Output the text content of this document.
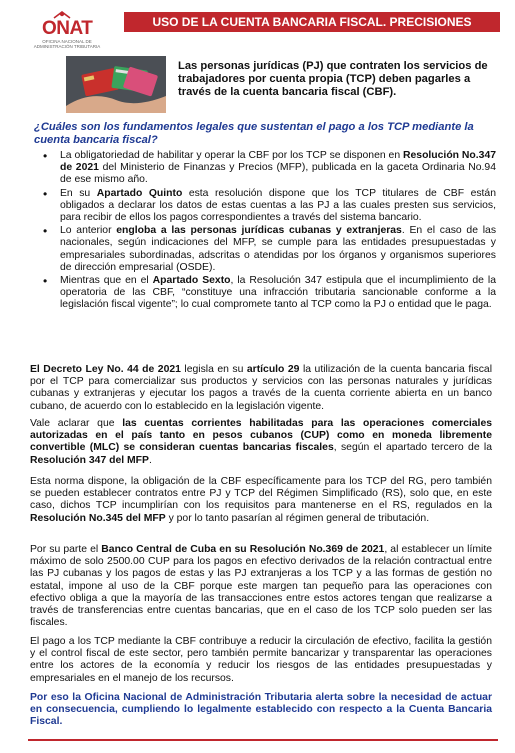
ONAT
OFICINA NACIONAL DE ADMINISTRACIÓN TRIBUTARIA
USO DE LA CUENTA BANCARIA FISCAL. PRECISIONES

Las personas jurídicas (PJ) que contraten los servicios de trabajadores por cuenta propia (TCP) deben pagarles a través de la cuenta bancaria fiscal (CBF).

¿Cuáles son los fundamentos legales que sustentan el pago a los TCP mediante la cuenta bancaria fiscal?

• La obligatoriedad de habilitar y operar la CBF por los TCP se disponen en Resolución No.347 de 2021 del Ministerio de Finanzas y Precios (MFP), publicada en la gaceta Ordinaria No.94 de ese mismo año.
• En su Apartado Quinto esta resolución dispone que los TCP titulares de CBF están obligados a declarar los datos de estas cuentas a las PJ a las cuales presten sus servicios, para recibir de ellos los pagos correspondientes a través del sistema bancario.
• Lo anterior engloba a las personas jurídicas cubanas y extranjeras. En el caso de las nacionales, según indicaciones del MFP, se cumple para las entidades presupuestadas y empresariales subordinadas, adscritas o atendidas por los órganos y organismos superiores de dirección empresarial (OSDE).
• Mientras que en el Apartado Sexto, la Resolución 347 estipula que el incumplimiento de la operatoria de las CBF, “constituye una infracción tributaria sancionable conforme a la legislación fiscal vigente”; lo cual compromete tanto al TCP como la PJ o entidad que le paga.

El Decreto Ley No. 44 de 2021 legisla en su artículo 29 la utilización de la cuenta bancaria fiscal por el TCP para comercializar sus productos y servicios con las personas naturales y jurídicas cubanas y extranjeras y ejecutar los pagos a través de la cuenta corriente abierta en un banco cubano, de acuerdo con lo establecido en la legislación vigente.

Vale aclarar que las cuentas corrientes habilitadas para las operaciones comerciales autorizadas en el país tanto en pesos cubanos (CUP) como en moneda libremente convertible (MLC) se consideran cuentas bancarias fiscales, según el apartado tercero de la Resolución 347 del MFP.

Esta norma dispone, la obligación de la CBF específicamente para los TCP del RG, pero también se pueden establecer contratos entre PJ y TCP del Régimen Simplificado (RS), solo que, en este caso, dichos TCP incumplirían con los requisitos para mantenerse en el RS, regulados en la Resolución No.345 del MFP y por lo tanto pasarían al régimen general de tributación.

Por su parte el Banco Central de Cuba en su Resolución No.369 de 2021, al establecer un límite máximo de solo 2500.00 CUP para los pagos en efectivo derivados de la relación contractual entre las PJ cubanas y los pagos de estas y las PJ extranjeras a los TCP y a las formas de gestión no estatal, impone al uso de la CBF porque este margen tan pequeño para las operaciones con efectivo obliga a que la mayoría de las transacciones entre estos actores tengan que realizarse a través de transferencias entre cuentas bancarias, que en el caso de los TCP solo pueden ser las fiscales.

El pago a los TCP mediante la CBF contribuye a reducir la circulación de efectivo, facilita la gestión y el control fiscal de este sector, pero también permite bancarizar y transparentar las operaciones entre los actores de la economía y reducir los riesgos de las entidades presupuestadas y empresariales en el manejo de los recursos.

Por eso la Oficina Nacional de Administración Tributaria alerta sobre la necesidad de actuar en consecuencia, cumpliendo lo legalmente establecido con respecto a la Cuenta Bancaria Fiscal.
